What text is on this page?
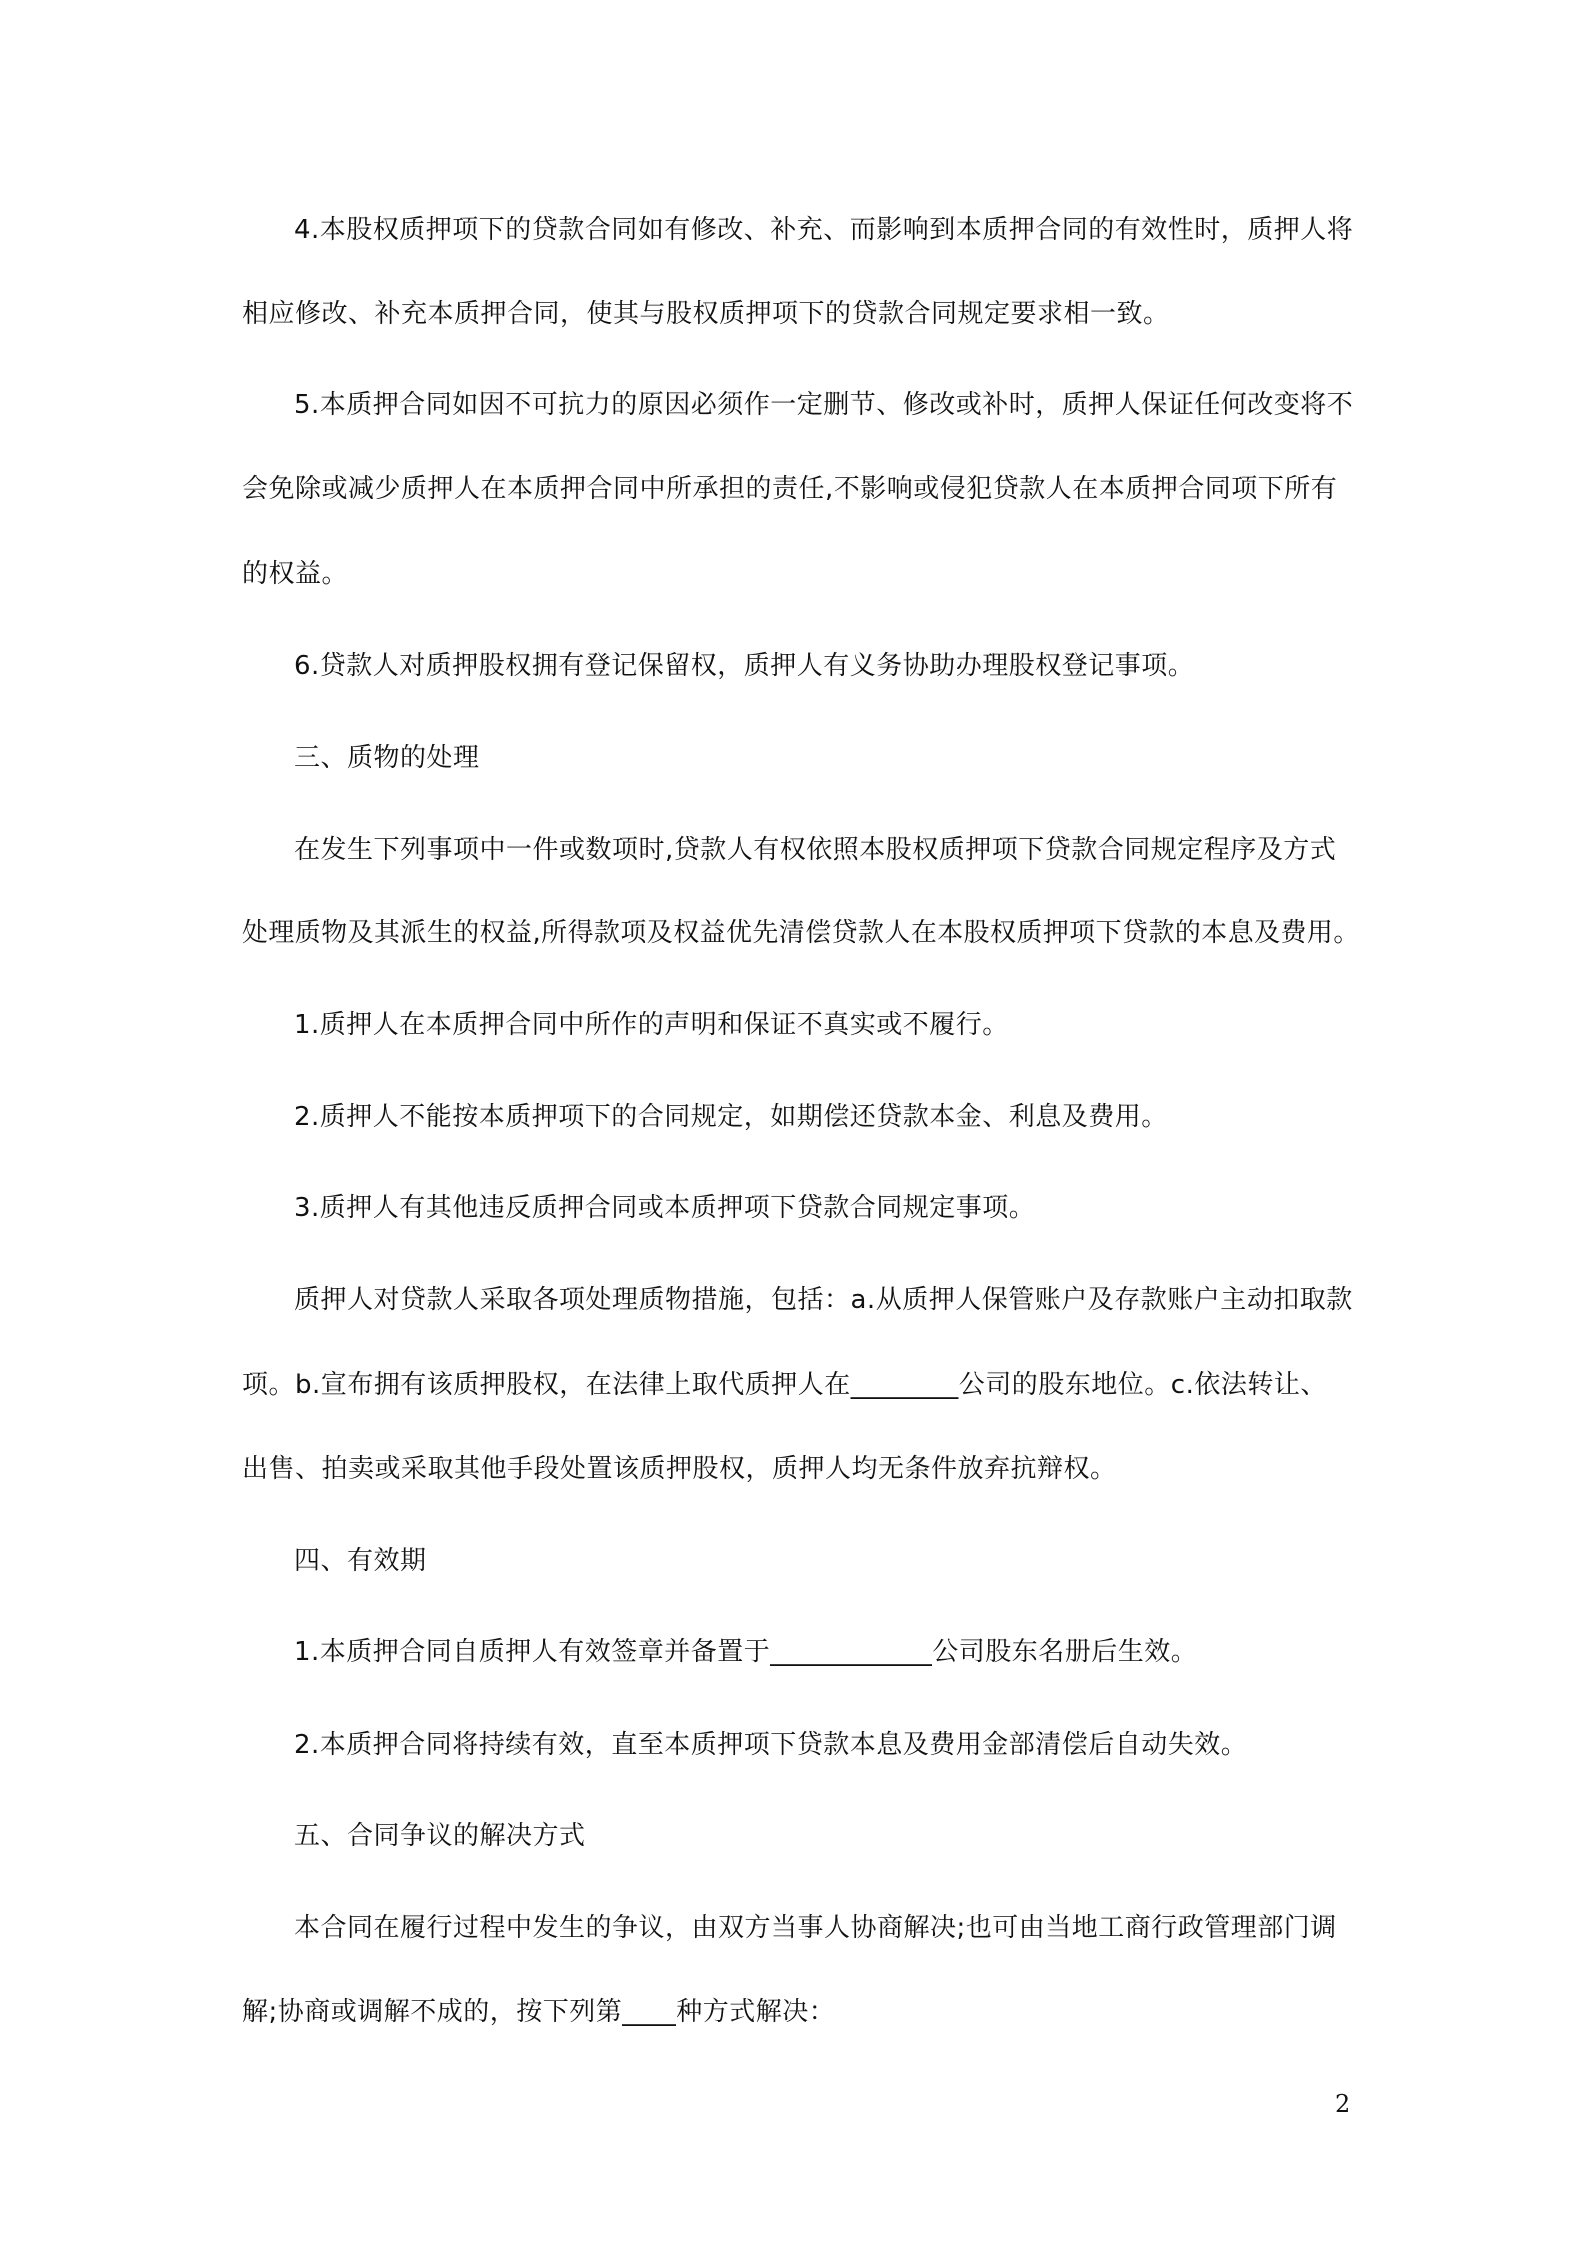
4.本股权质押项下的贷款合同如有修改、补充、而影响到本质押合同的有效性时，质押人将
相应修改、补充本质押合同，使其与股权质押项下的贷款合同规定要求相一致。
5.本质押合同如因不可抗力的原因必须作一定删节、修改或补时，质押人保证任何改变将不
会免除或减少质押人在本质押合同中所承担的责任,不影响或侵犯贷款人在本质押合同项下所有
的权益。
6.贷款人对质押股权拥有登记保留权，质押人有义务协助办理股权登记事项。
三、质物的处理
在发生下列事项中一件或数项时,贷款人有权依照本股权质押项下贷款合同规定程序及方式
处理质物及其派生的权益,所得款项及权益优先清偿贷款人在本股权质押项下贷款的本息及费用。
1.质押人在本质押合同中所作的声明和保证不真实或不履行。
2.质押人不能按本质押项下的合同规定，如期偿还贷款本金、利息及费用。
3.质押人有其他违反质押合同或本质押项下贷款合同规定事项。
质押人对贷款人采取各项处理质物措施，包括：a.从质押人保管账户及存款账户主动扣取款
项。b.宣布拥有该质押股权，在法律上取代质押人在________公司的股东地位。c.依法转让、
出售、拍卖或采取其他手段处置该质押股权，质押人均无条件放弃抗辩权。
四、有效期
1.本质押合同自质押人有效签章并备置于____________公司股东名册后生效。
2.本质押合同将持续有效，直至本质押项下贷款本息及费用金部清偿后自动失效。
五、合同争议的解决方式
本合同在履行过程中发生的争议，由双方当事人协商解决;也可由当地工商行政管理部门调
解;协商或调解不成的，按下列第____种方式解决：
2
